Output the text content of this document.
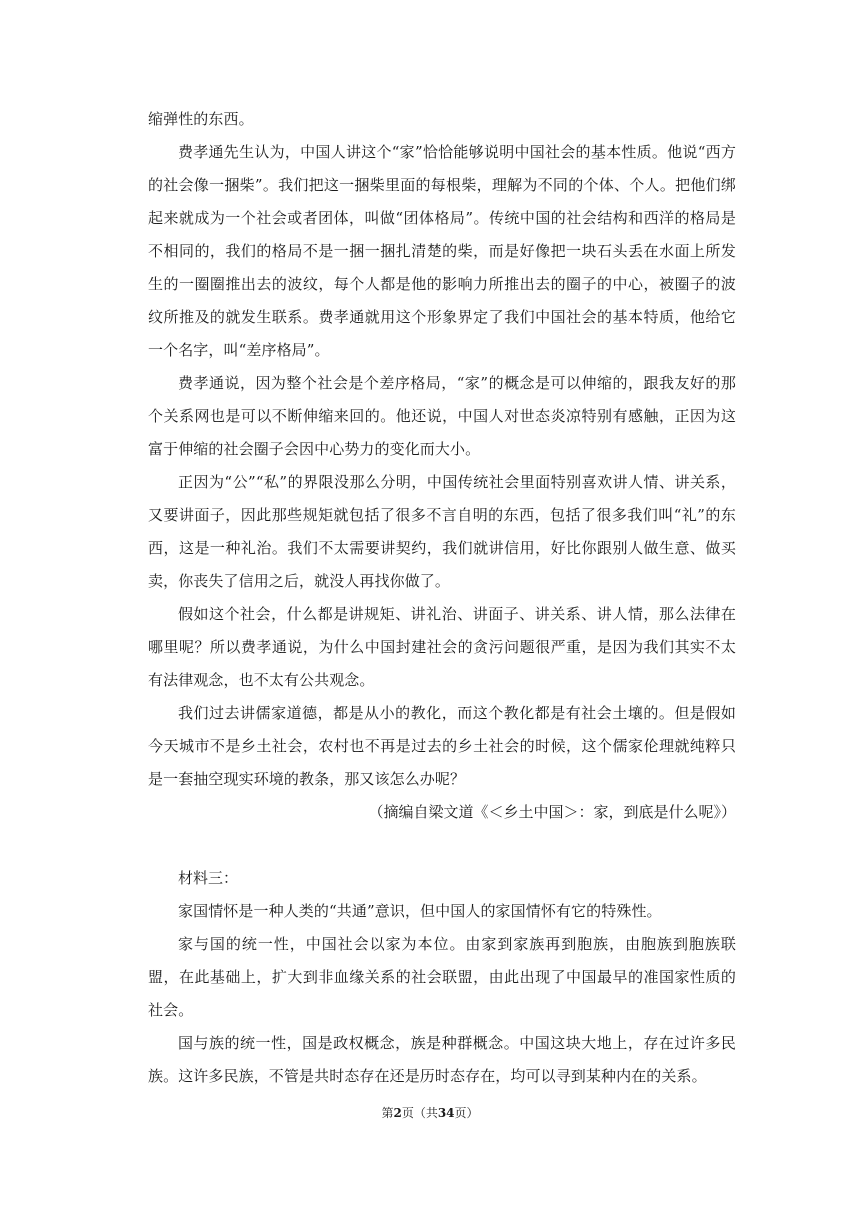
缩弹性的东西。

费孝通先生认为，中国人讲这个“家”恰恰能够说明中国社会的基本性质。他说“西方的社会像一捆柴”。我们把这一捆柴里面的每根柴，理解为不同的个体、个人。把他们绑起来就成为一个社会或者团体，叫做“团体格局”。传统中国的社会结构和西洋的格局是不相同的，我们的格局不是一捆一捆扎清楚的柴，而是好像把一块石头丢在水面上所发生的一圈圈推出去的波纹，每个人都是他的影响力所推出去的圈子的中心，被圈子的波纹所推及的就发生联系。费孝通就用这个形象界定了我们中国社会的基本特质，他给它一个名字，叫“差序格局”。

费孝通说，因为整个社会是个差序格局，“家”的概念是可以伸缩的，跟我友好的那个关系网也是可以不断伸缩来回的。他还说，中国人对世态炎凉特别有感触，正因为这富于伸缩的社会圈子会因中心势力的变化而大小。

正因为“公”“私”的界限没那么分明，中国传统社会里面特别喜欢讲人情、讲关系，又要讲面子，因此那些规矩就包括了很多不言自明的东西，包括了很多我们叫“礼”的东西，这是一种礼治。我们不太需要讲契约，我们就讲信用，好比你跟别人做生意、做买卖，你丧失了信用之后，就没人再找你做了。

假如这个社会，什么都是讲规矩、讲礼治、讲面子、讲关系、讲人情，那么法律在哪里呢？所以费孝通说，为什么中国封建社会的贪污问题很严重，是因为我们其实不太有法律观念，也不太有公共观念。

我们过去讲儒家道德，都是从小的教化，而这个教化都是有社会土壤的。但是假如今天城市不是乡土社会，农村也不再是过去的乡土社会的时候，这个儒家伦理就纯粹只是一套抽空现实环境的教条，那又该怎么办呢？

（摘编自梁文道《＜乡土中国＞：家，到底是什么呢》）

材料三：

家国情怀是一种人类的“共通”意识，但中国人的家国情怀有它的特殊性。

家与国的统一性，中国社会以家为本位。由家到家族再到胞族，由胞族到胞族联盟，在此基础上，扩大到非血缘关系的社会联盟，由此出现了中国最早的准国家性质的社会。

国与族的统一性，国是政权概念，族是种群概念。中国这块大地上，存在过许多民族。这许多民族，不管是共时态存在还是历时态存在，均可以寻到某种内在的关系。

第2页（共34页）
